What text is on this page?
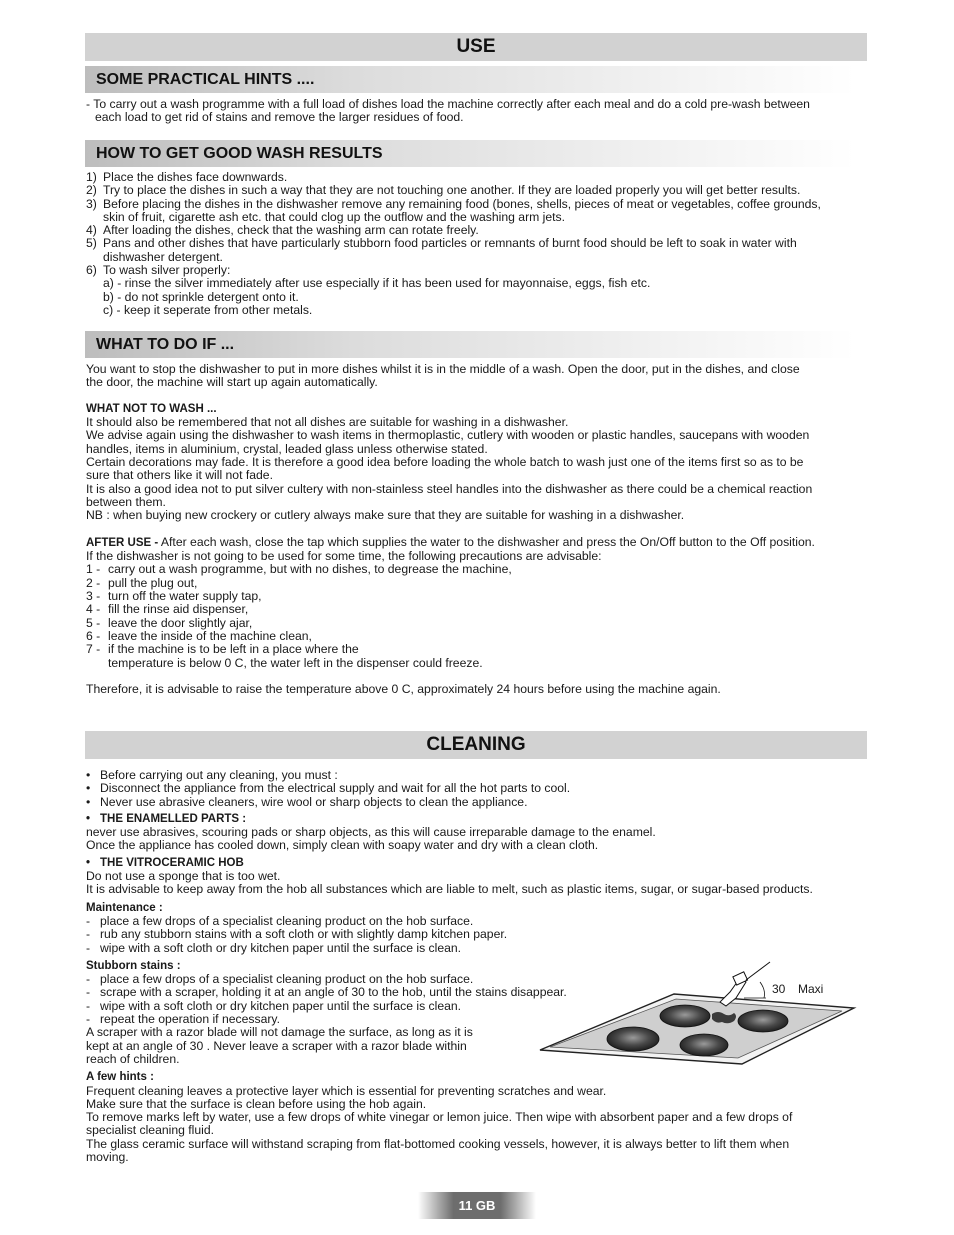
USE
SOME PRACTICAL HINTS ....
- To carry out a wash programme with a full load of dishes load the machine correctly after each meal and do a cold pre-wash between
each load to get rid of stains and remove the larger residues of food.
HOW TO GET GOOD WASH RESULTS
1) Place the dishes face downwards.
2) Try to place the dishes in such a way that they are not touching one another. If they are loaded properly you will get better results.
3) Before placing the dishes in the dishwasher remove any remaining food (bones, shells, pieces of meat or vegetables, coffee grounds,
skin of fruit, cigarette ash etc. that could clog up the outflow and the washing arm jets.
4) After loading the dishes, check that the washing arm can rotate freely.
5) Pans and other dishes that have particularly stubborn food particles or remnants of burnt food should be left to soak in water with
dishwasher detergent.
6) To wash silver properly:
a) - rinse the silver immediately after use especially if it has been used for mayonnaise, eggs, fish etc.
b) - do not sprinkle detergent onto it.
c) - keep it seperate from other metals.
WHAT TO DO IF ...
You want to stop the dishwasher to put in more dishes whilst it is in the middle of a wash. Open the door, put in the dishes, and close
the door, the machine will start up again automatically.
WHAT NOT TO WASH ...
It should also be remembered that not all dishes are suitable for washing in a dishwasher.
We advise again using the dishwasher to wash items in thermoplastic, cutlery with wooden or plastic handles, saucepans with wooden
handles, items in aluminium, crystal, leaded glass unless otherwise stated.
Certain decorations may fade. It is therefore a good idea before loading the whole batch to wash just one of the items first so as to be
sure that others like it will not fade.
It is also a good idea not to put silver cultery with non-stainless steel handles into the dishwasher as there could be a chemical reaction
between them.
NB : when buying new crockery or cutlery always make sure that they are suitable for washing in a dishwasher.
AFTER USE - After each wash, close the tap which supplies the water to the dishwasher and press the On/Off button to the Off position.
If the dishwasher is not going to be used for some time, the following precautions are advisable:
1 - carry out a wash programme, but with no dishes, to degrease the machine,
2 - pull the plug out,
3 - turn off the water supply tap,
4 - fill the rinse aid dispenser,
5 - leave the door slightly ajar,
6 - leave the inside of the machine clean,
7 - if the machine is to be left in a place where the
temperature is below 0 C, the water left in the dispenser could freeze.
Therefore, it is advisable to raise the temperature above 0 C, approximately 24 hours before using the machine again.
CLEANING
• Before carrying out any cleaning, you must :
• Disconnect the appliance from the electrical supply and wait for all the hot parts to cool.
• Never use abrasive cleaners, wire wool or sharp objects to clean the appliance.
• THE ENAMELLED PARTS :
never use abrasives, scouring pads or sharp objects, as this will cause irreparable damage to the enamel.
Once the appliance has cooled down, simply clean with soapy water and dry with a clean cloth.
• THE VITROCERAMIC HOB
Do not use a sponge that is too wet.
It is advisable to keep away from the hob all substances which are liable to melt, such as plastic items, sugar, or sugar-based products.
Maintenance :
- place a few drops of a specialist cleaning product on the hob surface.
- rub any stubborn stains with a soft cloth or with slightly damp kitchen paper.
- wipe with a soft cloth or dry kitchen paper until the surface is clean.
Stubborn stains :
- place a few drops of a specialist cleaning product on the hob surface.
- scrape with a scraper, holding it at an angle of 30 to the hob, until the stains disappear.
- wipe with a soft cloth or dry kitchen paper until the surface is clean.
- repeat the operation if necessary.
A scraper with a razor blade will not damage the surface, as long as it is
kept at an angle of 30 . Never leave a scraper with a razor blade within
reach of children.
A few hints :
Frequent cleaning leaves a protective layer which is essential for preventing scratches and wear.
Make sure that the surface is clean before using the hob again.
To remove marks left by water, use a few drops of white vinegar or lemon juice. Then wipe with absorbent paper and a few drops of
specialist cleaning fluid.
The glass ceramic surface will withstand scraping from flat-bottomed cooking vessels, however, it is always better to lift them when
moving.
30 Maxi
11 GB
